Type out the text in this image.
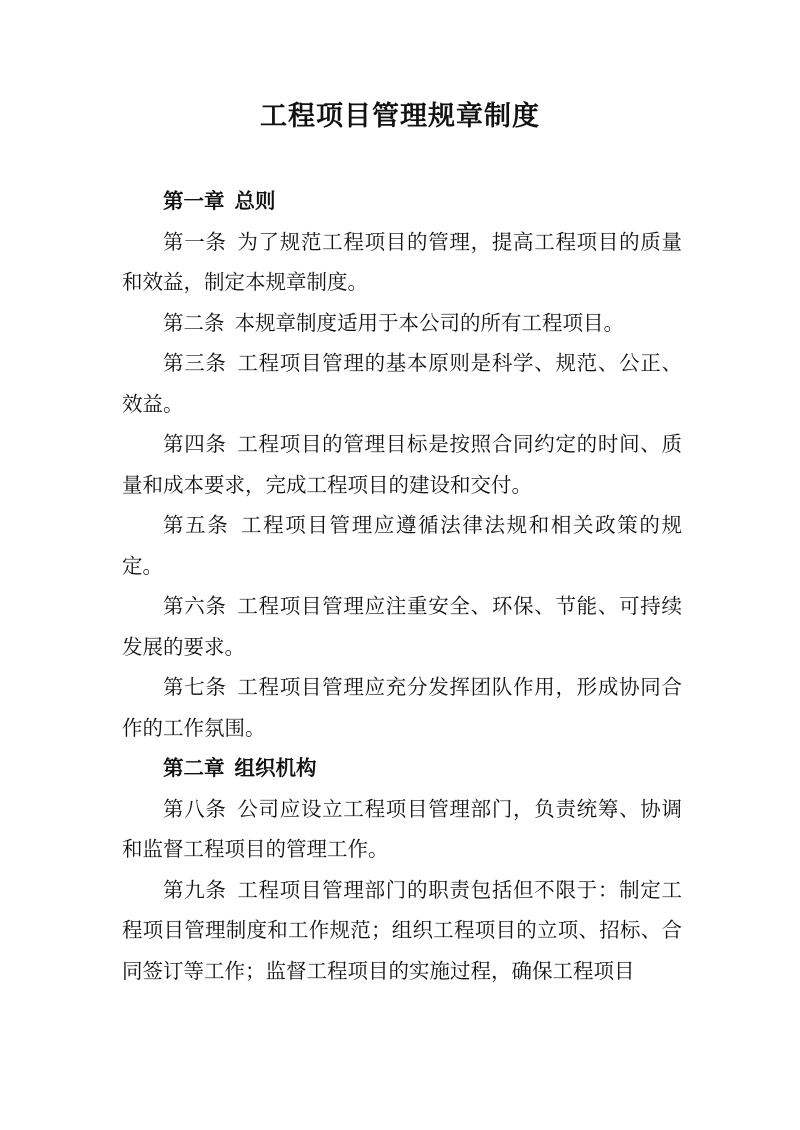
工程项目管理规章制度

第一章 总则

第一条 为了规范工程项目的管理，提高工程项目的质量和效益，制定本规章制度。

第二条 本规章制度适用于本公司的所有工程项目。

第三条 工程项目管理的基本原则是科学、规范、公正、效益。

第四条 工程项目的管理目标是按照合同约定的时间、质量和成本要求，完成工程项目的建设和交付。

第五条 工程项目管理应遵循法律法规和相关政策的规定。

第六条 工程项目管理应注重安全、环保、节能、可持续发展的要求。

第七条 工程项目管理应充分发挥团队作用，形成协同合作的工作氛围。

第二章 组织机构

第八条 公司应设立工程项目管理部门，负责统筹、协调和监督工程项目的管理工作。

第九条 工程项目管理部门的职责包括但不限于：制定工程项目管理制度和工作规范；组织工程项目的立项、招标、合同签订等工作；监督工程项目的实施过程，确保工程项目
